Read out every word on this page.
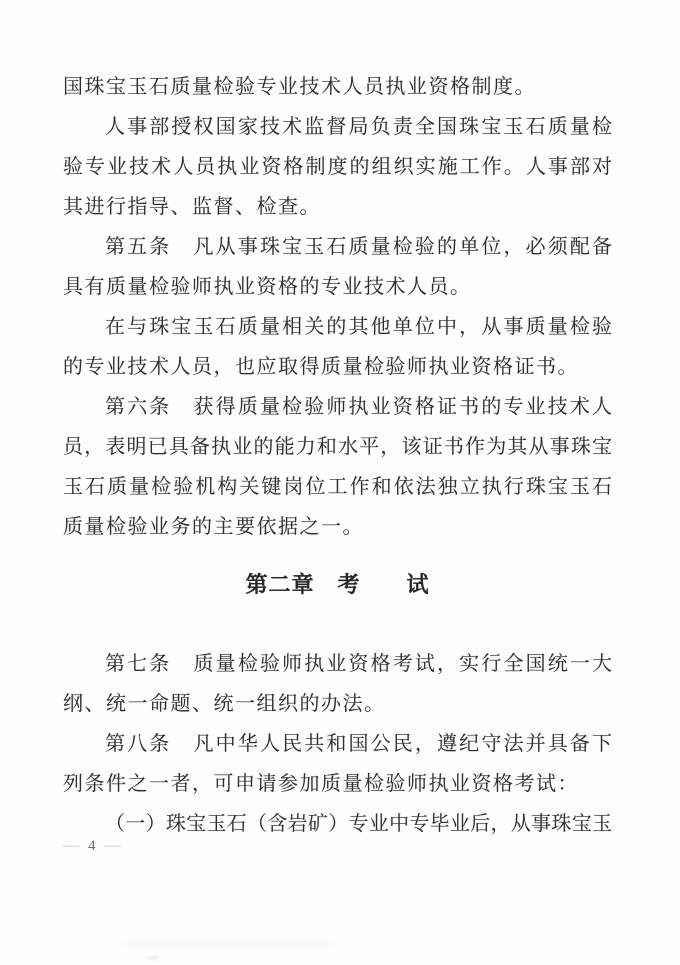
国珠宝玉石质量检验专业技术人员执业资格制度。
人事部授权国家技术监督局负责全国珠宝玉石质量检
验专业技术人员执业资格制度的组织实施工作。人事部对
其进行指导、监督、检查。
第五条　凡从事珠宝玉石质量检验的单位，必须配备
具有质量检验师执业资格的专业技术人员。
在与珠宝玉石质量相关的其他单位中，从事质量检验
的专业技术人员，也应取得质量检验师执业资格证书。
第六条　获得质量检验师执业资格证书的专业技术人
员，表明已具备执业的能力和水平，该证书作为其从事珠宝
玉石质量检验机构关键岗位工作和依法独立执行珠宝玉石
质量检验业务的主要依据之一。
第二章　考　　试
第七条　质量检验师执业资格考试，实行全国统一大
纲、统一命题、统一组织的办法。
第八条　凡中华人民共和国公民，遵纪守法并具备下
列条件之一者，可申请参加质量检验师执业资格考试：
（一）珠宝玉石（含岩矿）专业中专毕业后，从事珠宝玉
— 4 —
